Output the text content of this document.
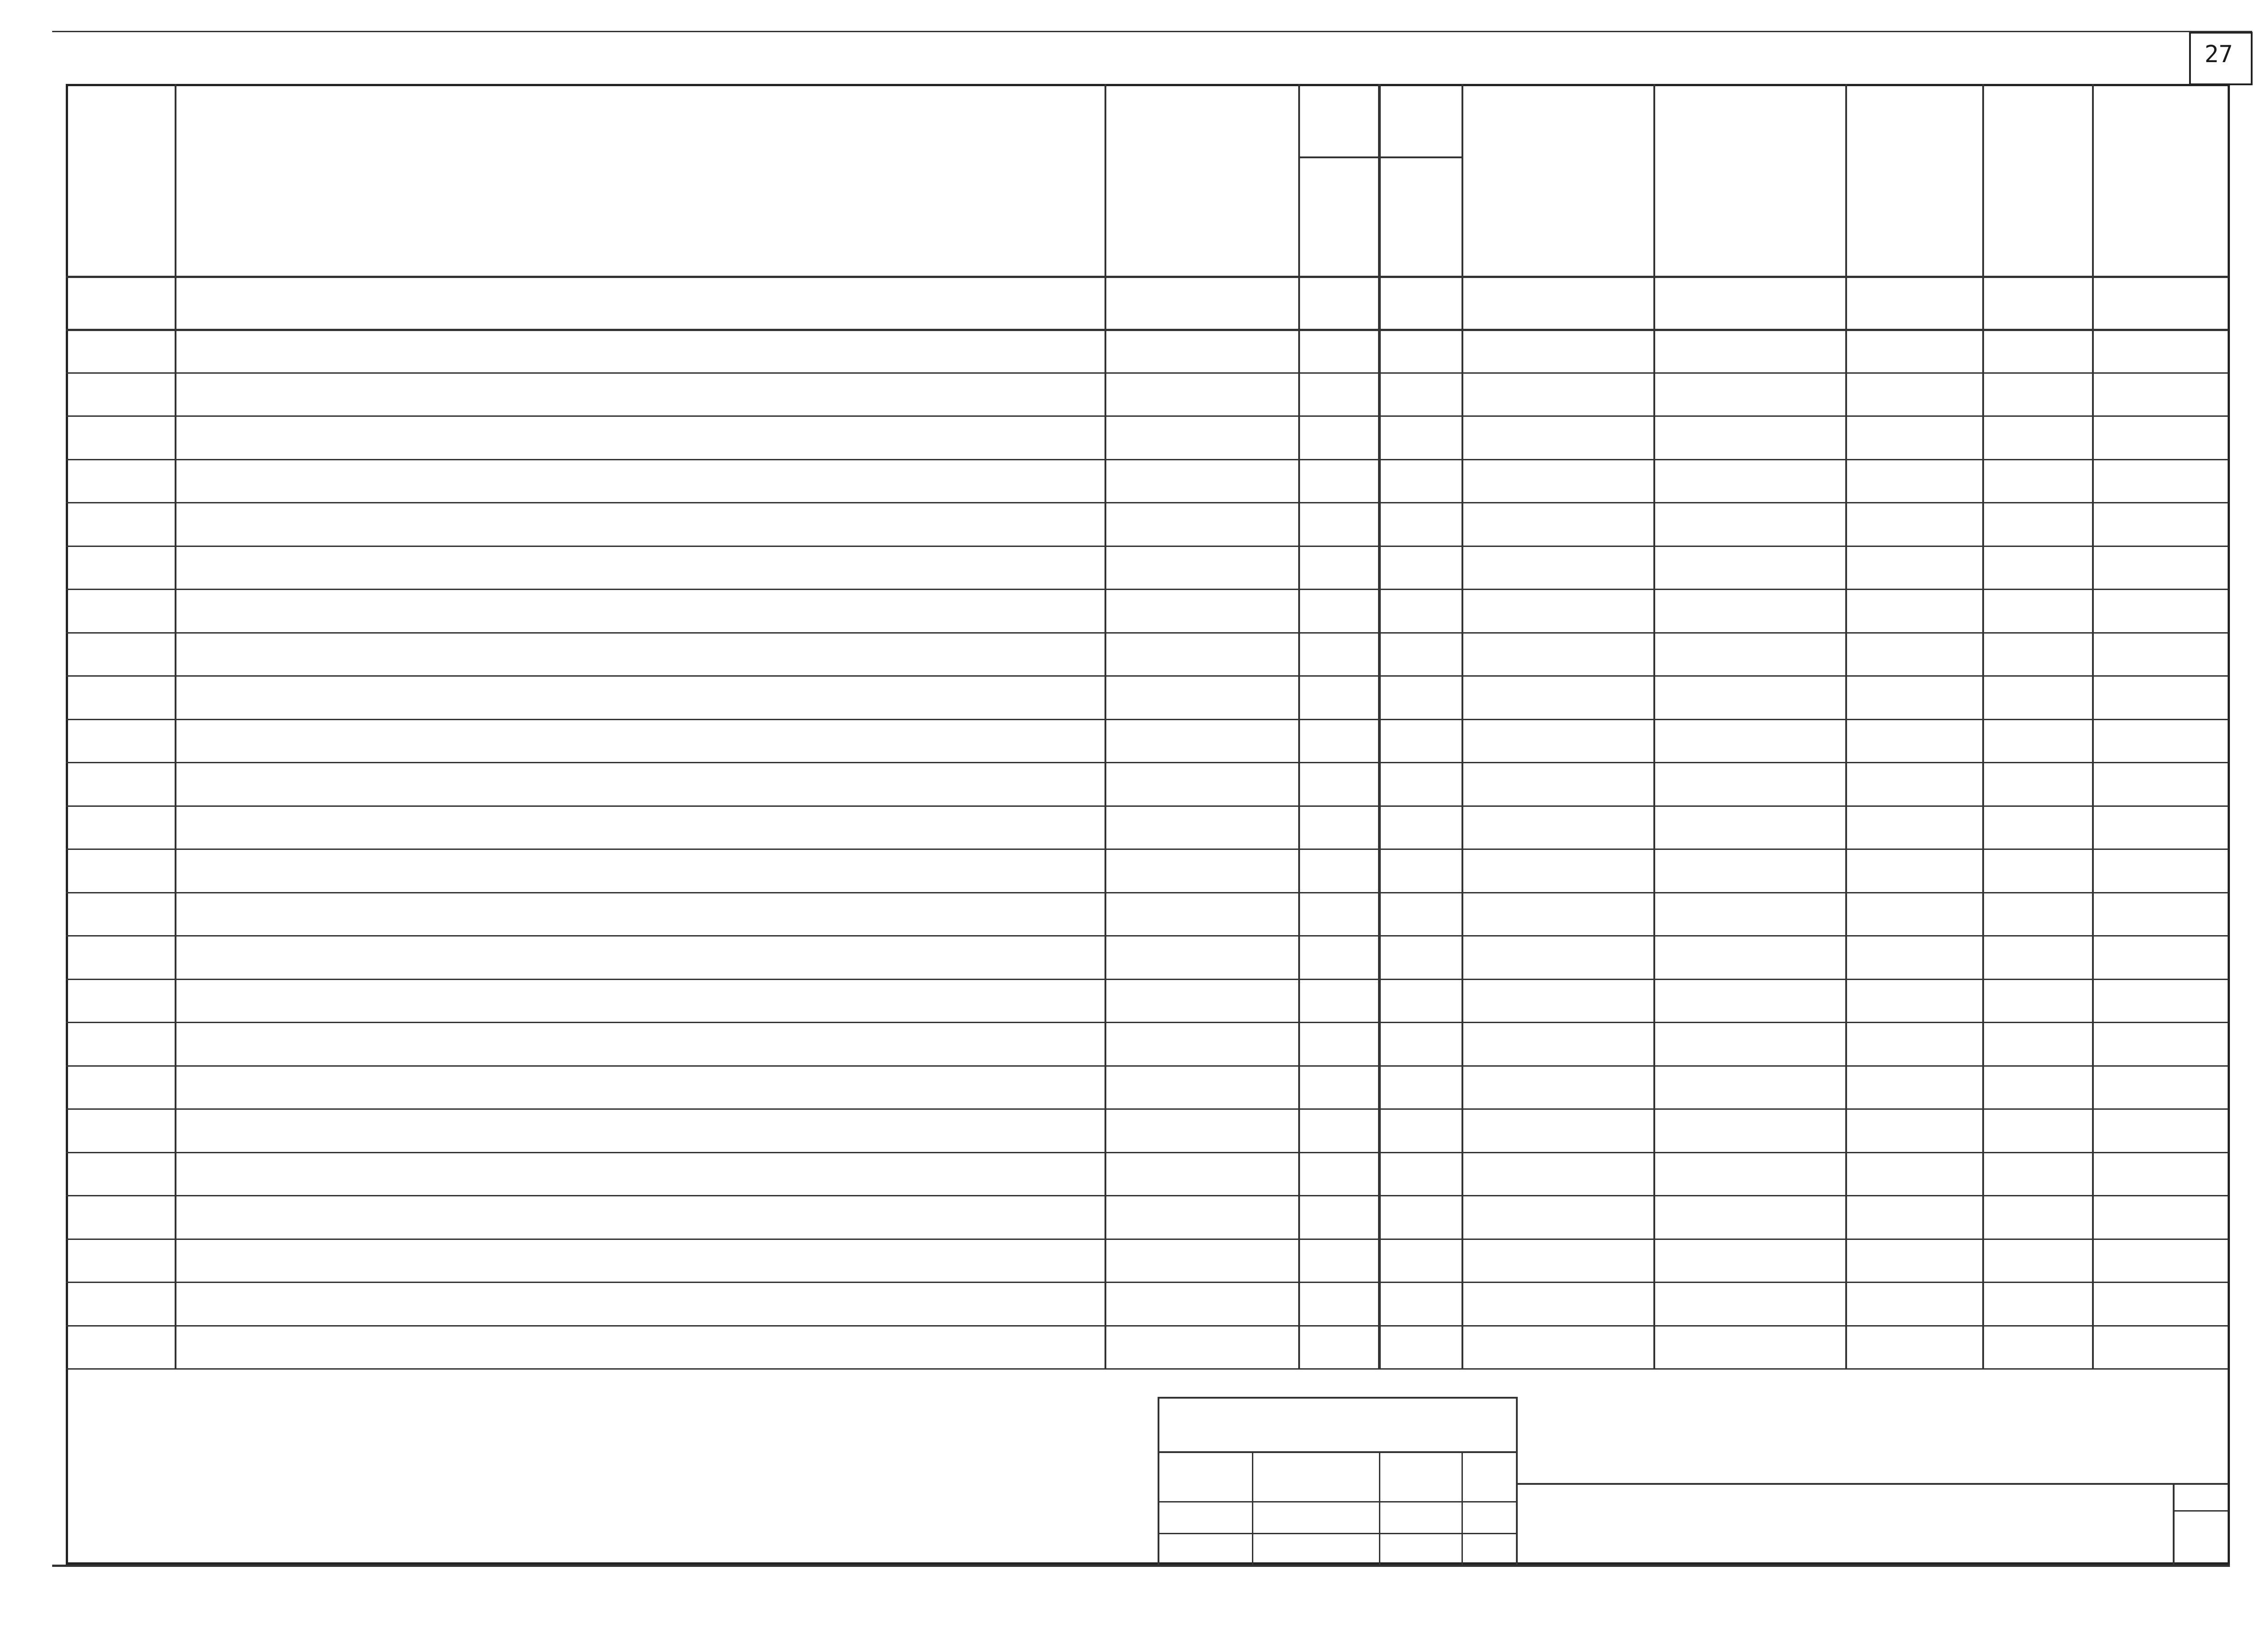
27
